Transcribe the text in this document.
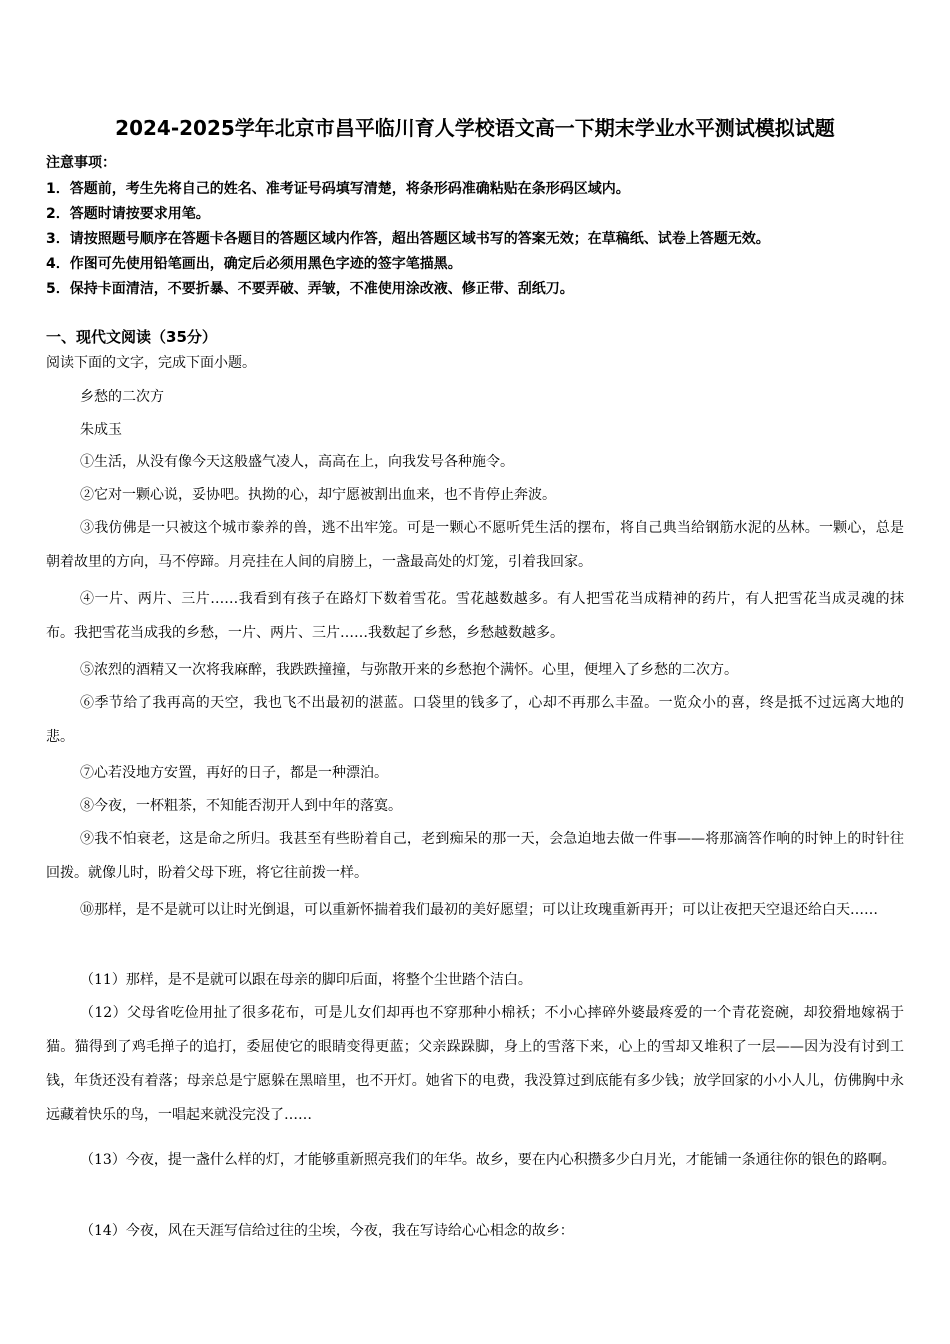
2024-2025学年北京市昌平临川育人学校语文高一下期末学业水平测试模拟试题
注意事项：
1．答题前，考生先将自己的姓名、准考证号码填写清楚，将条形码准确粘贴在条形码区域内。
2．答题时请按要求用笔。
3．请按照题号顺序在答题卡各题目的答题区域内作答，超出答题区域书写的答案无效；在草稿纸、试卷上答题无效。
4．作图可先使用铅笔画出，确定后必须用黑色字迹的签字笔描黑。
5．保持卡面清洁，不要折暴、不要弄破、弄皱，不准使用涂改液、修正带、刮纸刀。
一、现代文阅读（35分）
阅读下面的文字，完成下面小题。
乡愁的二次方
朱成玉
①生活，从没有像今天这般盛气凌人，高高在上，向我发号各种施令。
②它对一颗心说，妥协吧。执拗的心，却宁愿被割出血来，也不肯停止奔波。
③我仿佛是一只被这个城市豢养的兽，逃不出牢笼。可是一颗心不愿听凭生活的摆布，将自己典当给钢筋水泥的丛林。一颗心，总是朝着故里的方向，马不停蹄。月亮挂在人间的肩膀上，一盏最高处的灯笼，引着我回家。
④一片、两片、三片……我看到有孩子在路灯下数着雪花。雪花越数越多。有人把雪花当成精神的药片，有人把雪花当成灵魂的抹布。我把雪花当成我的乡愁，一片、两片、三片……我数起了乡愁，乡愁越数越多。
⑤浓烈的酒精又一次将我麻醉，我跌跌撞撞，与弥散开来的乡愁抱个满怀。心里，便埋入了乡愁的二次方。
⑥季节给了我再高的天空，我也飞不出最初的湛蓝。口袋里的钱多了，心却不再那么丰盈。一览众小的喜，终是抵不过远离大地的悲。
⑦心若没地方安置，再好的日子，都是一种漂泊。
⑧今夜，一杯粗茶，不知能否沏开人到中年的落寞。
⑨我不怕衰老，这是命之所归。我甚至有些盼着自己，老到痴呆的那一天，会急迫地去做一件事——将那滴答作响的时钟上的时针往回拨。就像儿时，盼着父母下班，将它往前拨一样。
⑩那样，是不是就可以让时光倒退，可以重新怀揣着我们最初的美好愿望；可以让玫瑰重新再开；可以让夜把天空退还给白天……
（11）那样，是不是就可以跟在母亲的脚印后面，将整个尘世踏个洁白。
（12）父母省吃俭用扯了很多花布，可是儿女们却再也不穿那种小棉袄；不小心摔碎外婆最疼爱的一个青花瓷碗，却狡猾地嫁祸于猫。猫得到了鸡毛掸子的追打，委屈使它的眼睛变得更蓝；父亲跺跺脚，身上的雪落下来，心上的雪却又堆积了一层——因为没有讨到工钱，年货还没有着落；母亲总是宁愿躲在黑暗里，也不开灯。她省下的电费，我没算过到底能有多少钱；放学回家的小小人儿，仿佛胸中永远藏着快乐的鸟，一唱起来就没完没了……
（13）今夜，提一盏什么样的灯，才能够重新照亮我们的年华。故乡，要在内心积攒多少白月光，才能铺一条通往你的银色的路啊。
（14）今夜，风在天涯写信给过往的尘埃，今夜，我在写诗给心心相念的故乡：
